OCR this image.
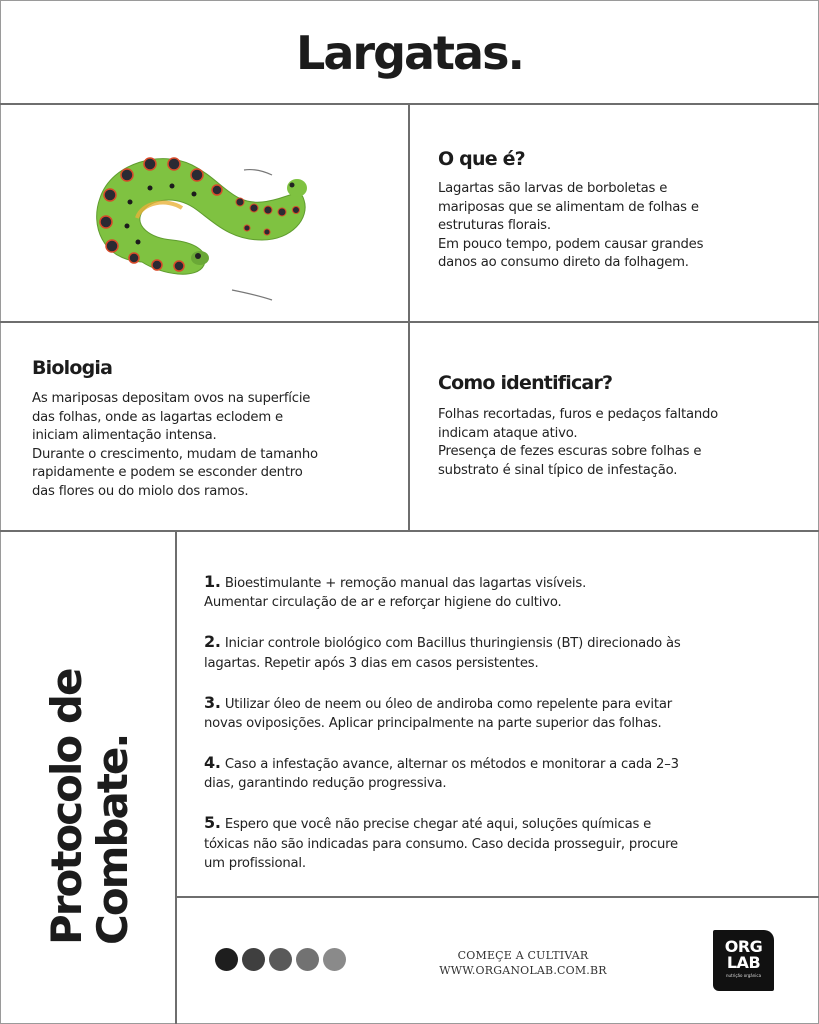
Largatas.
O que é?
Lagartas são larvas de borboletas e
mariposas que se alimentam de folhas e
estruturas florais.
Em pouco tempo, podem causar grandes
danos ao consumo direto da folhagem.
Biologia
As mariposas depositam ovos na superfície
das folhas, onde as lagartas eclodem e
iniciam alimentação intensa.
Durante o crescimento, mudam de tamanho
rapidamente e podem se esconder dentro
das flores ou do miolo dos ramos.
Como identificar?
Folhas recortadas, furos e pedaços faltando
indicam ataque ativo.
Presença de fezes escuras sobre folhas e
substrato é sinal típico de infestação.
Protocolo de
Combate.
1. Bioestimulante + remoção manual das lagartas visíveis.
Aumentar circulação de ar e reforçar higiene do cultivo.
2. Iniciar controle biológico com Bacillus thuringiensis (BT) direcionado às
lagartas. Repetir após 3 dias em casos persistentes.
3. Utilizar óleo de neem ou óleo de andiroba como repelente para evitar
novas oviposições. Aplicar principalmente na parte superior das folhas.
4. Caso a infestação avance, alternar os métodos e monitorar a cada 2–3
dias, garantindo redução progressiva.
5. Espero que você não precise chegar até aqui, soluções químicas e
tóxicas não são indicadas para consumo. Caso decida prosseguir, procure
um profissional.
COMEÇE A CULTIVAR
WWW.ORGANOLAB.COM.BR
ORG
LAB
nutrição orgânica
